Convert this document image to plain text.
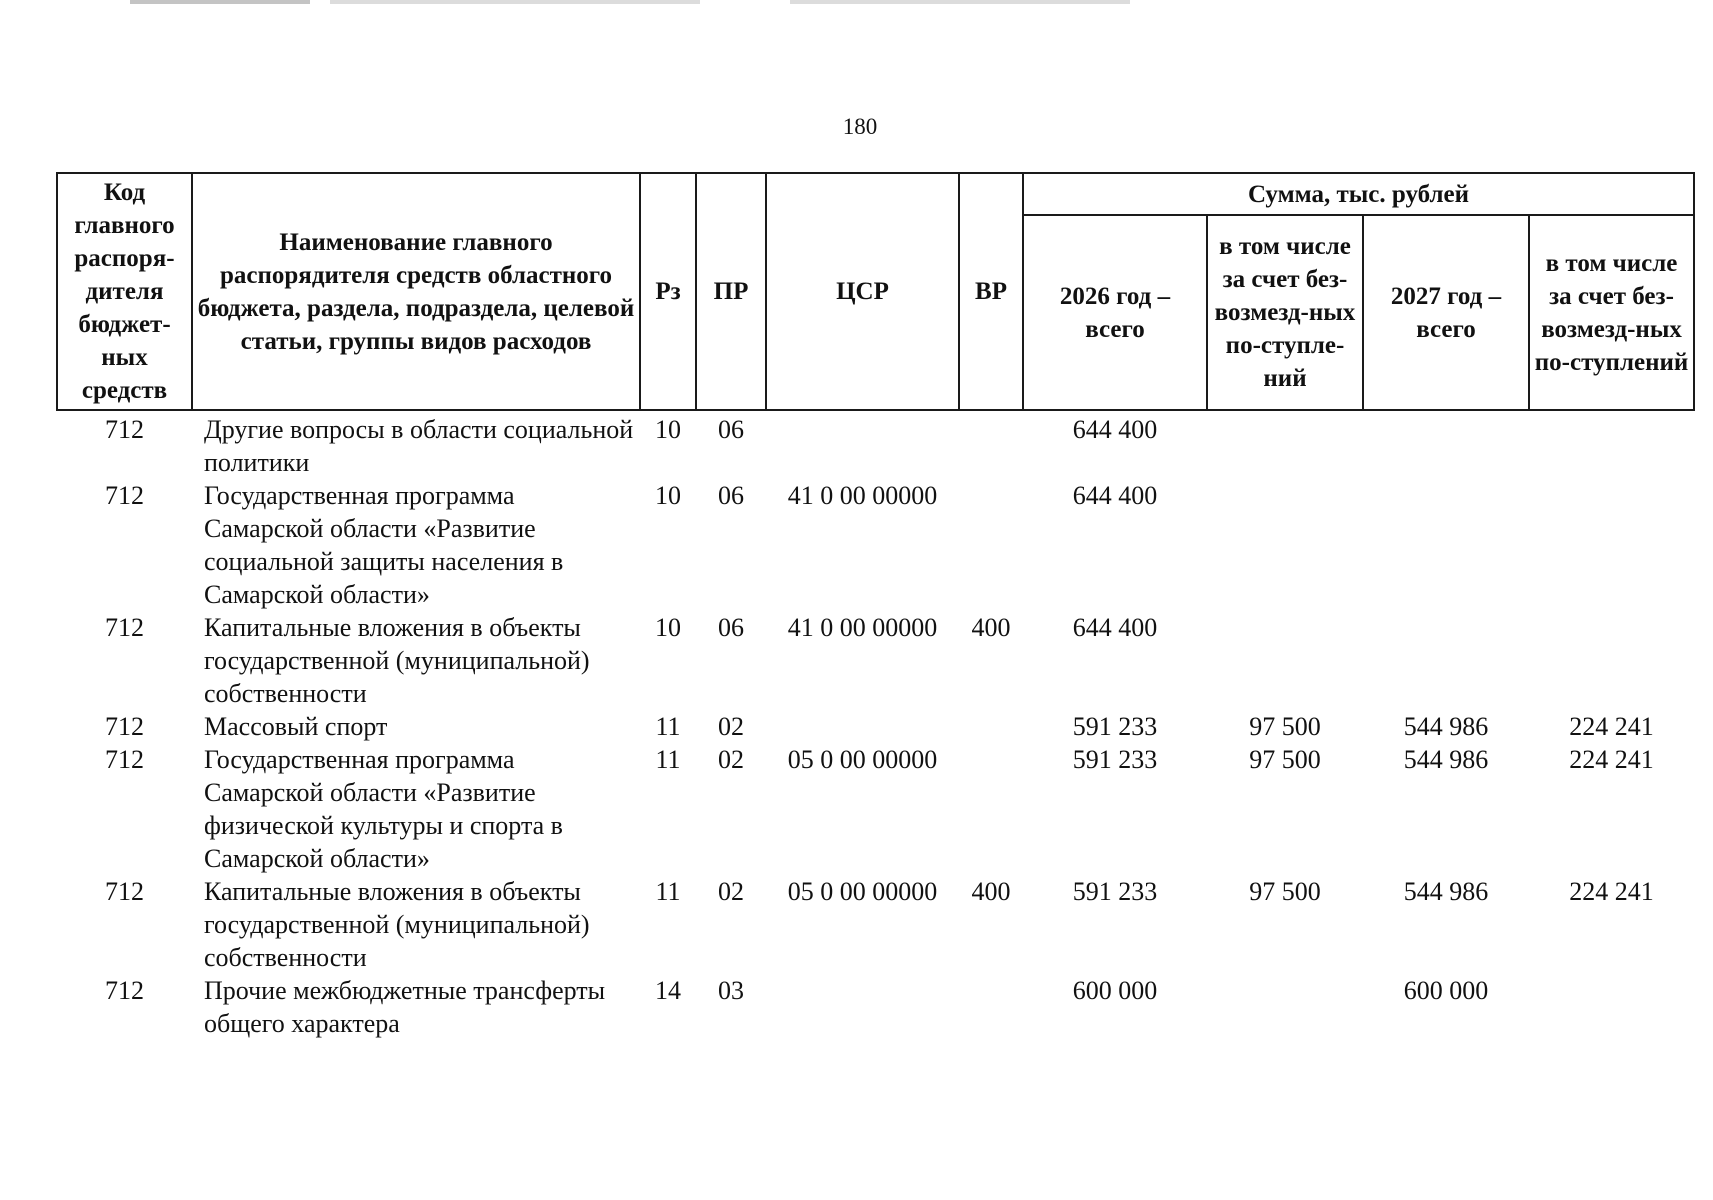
180
Код главного распоря-дителя бюджет-ных средств	Наименование главного распорядителя средств областного бюджета, раздела, подраздела, целевой статьи, группы видов расходов	Рз	ПР	ЦСР	ВР	Сумма, тыс. рублей			
						2026 год – всего	в том числе за счет без-возмезд-ных по-ступле-ний	2027 год – всего	в том числе за счет без-возмезд-ных по-ступлений
712	Другие вопросы в области социальной политики	10	06			644 400			
712	Государственная программа Самарской области «Развитие социальной защиты населения в Самарской области»	10	06	41 0 00 00000		644 400			
712	Капитальные вложения в объекты государственной (муниципальной) собственности	10	06	41 0 00 00000	400	644 400			
712	Массовый спорт	11	02			591 233	97 500	544 986	224 241
712	Государственная программа Самарской области «Развитие физической культуры и спорта в Самарской области»	11	02	05 0 00 00000		591 233	97 500	544 986	224 241
712	Капитальные вложения в объекты государственной (муниципальной) собственности	11	02	05 0 00 00000	400	591 233	97 500	544 986	224 241
712	Прочие межбюджетные трансферты общего характера	14	03			600 000		600 000	
